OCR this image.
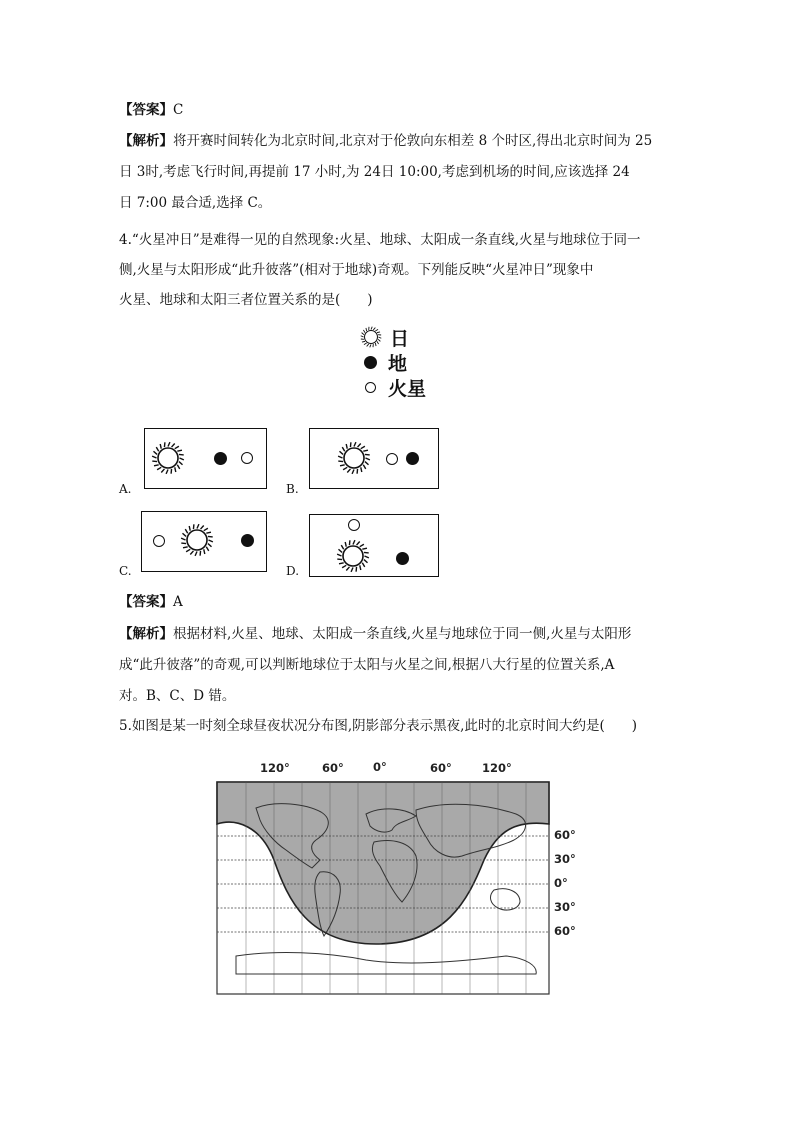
【答案】C
【解析】将开赛时间转化为北京时间,北京对于伦敦向东相差 8 个时区,得出北京时间为 25
日 3时,考虑飞行时间,再提前 17 小时,为 24日 10:00,考虑到机场的时间,应该选择 24
日 7:00 最合适,选择 C。
4.“火星冲日”是难得一见的自然现象:火星、地球、太阳成一条直线,火星与地球位于同一
侧,火星与太阳形成“此升彼落”(相对于地球)奇观。下列能反映“火星冲日”现象中
火星、地球和太阳三者位置关系的是(　　)
日
地
火星
A.	B.
C.	D.
【答案】A
【解析】根据材料,火星、地球、太阳成一条直线,火星与地球位于同一侧,火星与太阳形
成“此升彼落”的奇观,可以判断地球位于太阳与火星之间,根据八大行星的位置关系,A
对。B、C、D 错。
5.如图是某一时刻全球昼夜状况分布图,阴影部分表示黑夜,此时的北京时间大约是(　　)
120°	60°	0°	60°	120°
60°
30°
0°
30°
60°
